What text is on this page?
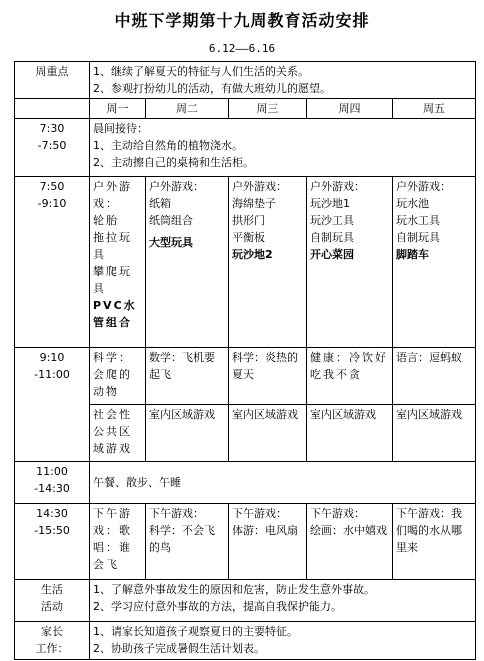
中班下学期第十九周教育活动安排
6.12——6.16
周重点	1、继续了解夏天的特征与人们生活的关系。
2、参观打扮幼儿的活动，有做大班幼儿的愿望。				

	周一	周二	周三	周四	周五

7:30
-7:50	晨间接待：
1、主动给自然角的植物浇水。
2、主动擦自己的桌椅和生活柜。				

7:50
-9:10	户外游戏：
轮胎
拖拉玩具
攀爬玩具
PVC水管组合	户外游戏：
纸箱
纸筒组合
大型玩具	户外游戏：
海绵垫子
拱形门
平衡板
玩沙地2	户外游戏：
玩沙地1
玩沙工具
自制玩具
开心菜园	户外游戏：
玩水池
玩水工具
自制玩具
脚踏车

9:10
-11:00	科学：会爬的动物	数学：飞机要起飞	科学：炎热的夏天	健康：冷饮好吃我不贪	语言：逗蚂蚁
	社会性公共区域游戏	室内区域游戏	室内区域游戏	室内区域游戏	室内区域游戏

11:00
-14:30	午餐、散步、午睡				

14:30
-15:50	下午游戏：歌唱：谁会飞	下午游戏：
科学：不会飞的鸟	下午游戏：
体游：电风扇	下午游戏：
绘画：水中嬉戏	下午游戏：我们喝的水从哪里来

生活
活动	1、了解意外事故发生的原因和危害，防止发生意外事故。
2、学习应付意外事故的方法，提高自我保护能力。				

家长
工作：	1、请家长知道孩子观察夏日的主要特征。
2、协助孩子完成暑假生活计划表。				
